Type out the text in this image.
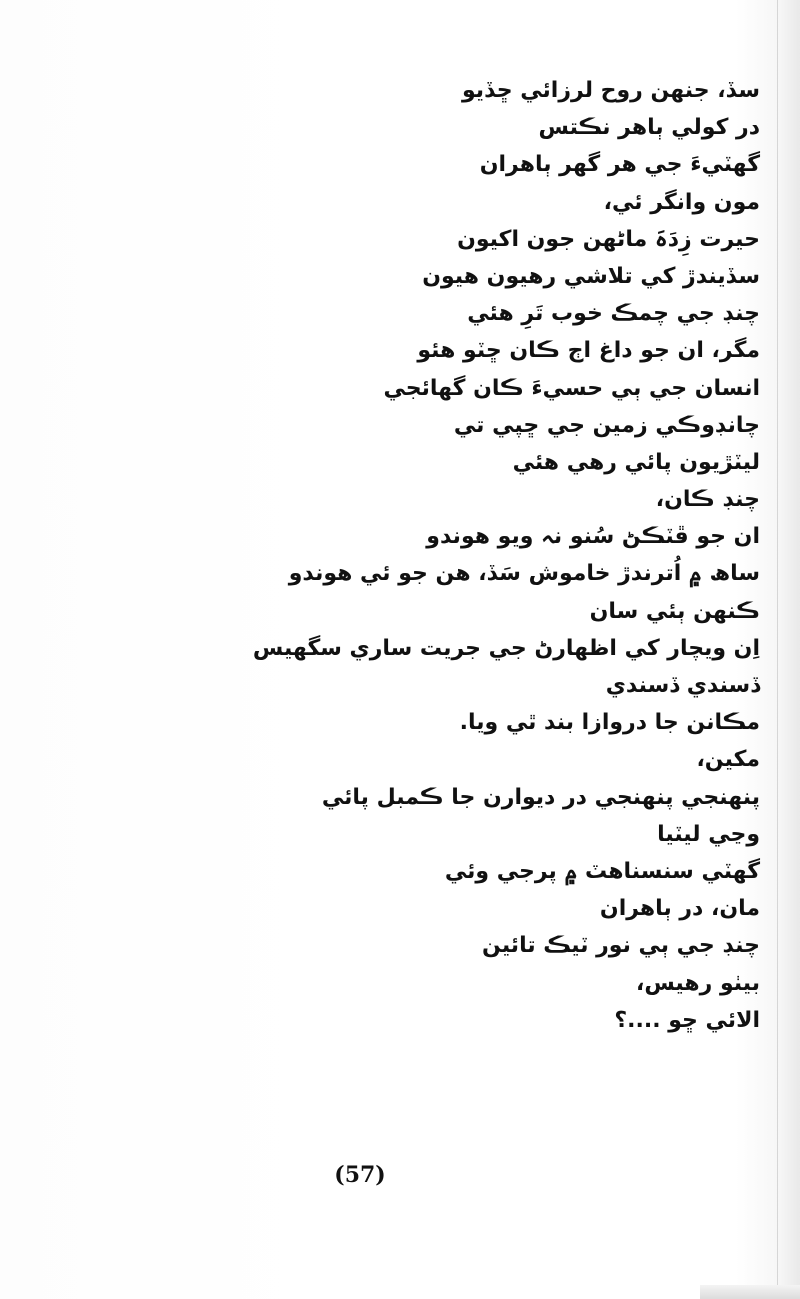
سڏ، جنهن روح لرزائي ڇڏيو
در کولي ٻاهر نڪتس
گهٽيءَ جي هر گهر ٻاهران
مون وانگر ئي،
حيرت زِدَہَ ماڻهن جون اکيون
سڏيندڙ کي تلاشي رهيون هيون
چنڊ جي چمڪ خوب تَرِ هئي
مگر، ان جو داغ اڄ ڪان ڇٽو هئو
انسان جي ٻي حسيءَ ڪان گهائجي
چانڊوڪي زمين جي ڇپي تي
ليٽڙيون پائي رهي هئي
چنڊ ڪان،
ان جو ڦٽڪڻ سُنو نہ ويو هوندو
ساھ ۾ اُترندڙ خاموش سَڏ، هن جو ئي هوندو
ڪنهن ٻئي سان
اِن ويچار کي اظهارڻ جي جريت ساري سگهيس
ڏسندي ڏسندي
مڪانن جا دروازا بند ٿي ويا.
مکين،
پنهنجي پنهنجي در ديوارن جا ڪمبل پائي
وڃي ليٽيا
گهٽي سنسناهٽ ۾ پرجي وئي
مان، در ٻاهران
چنڊ جي ٻي نور ٽيڪ تائين
بيٺو رهيس،
الائي ڇو ....؟
(57)
